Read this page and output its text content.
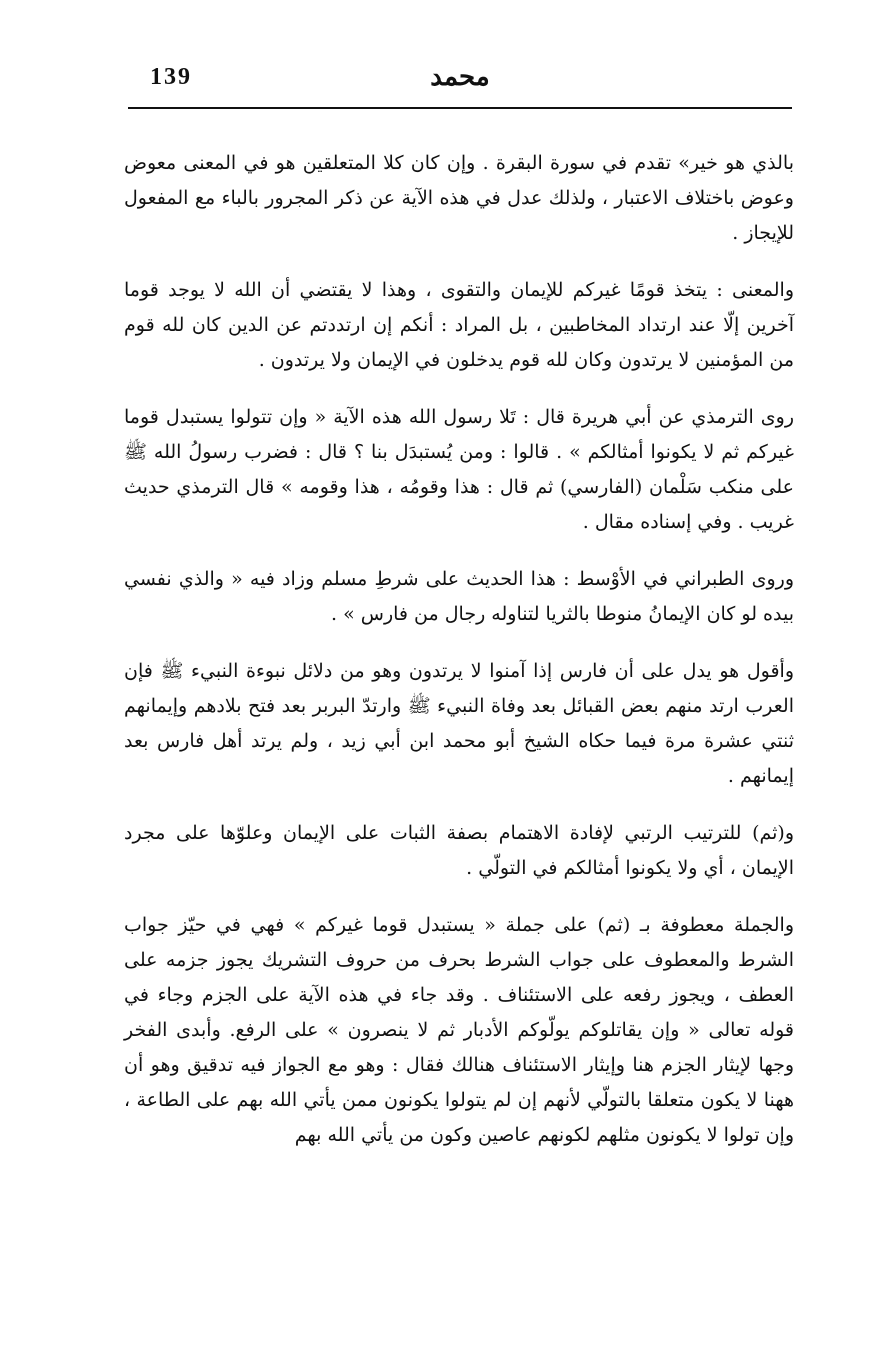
139	محمد

بالذي هو خير» تقدم في سورة البقرة . وإن كان كلا المتعلقين هو في المعنى معوض وعوض باختلاف الاعتبار ، ولذلك عدل في هذه الآية عن ذكر المجرور بالباء مع المفعول للإيجاز .

والمعنى : يتخذ قومًا غيركم للإيمان والتقوى ، وهذا لا يقتضي أن الله لا يوجد قوما آخرين إلّا عند ارتداد المخاطبين ، بل المراد : أنكم إن ارتددتم عن الدين كان لله قوم من المؤمنين لا يرتدون وكان لله قوم يدخلون في الإيمان ولا يرتدون .

روى الترمذي عن أبي هريرة قال : تَلا رسول الله هذه الآية « وإن تتولوا يستبدل قوما غيركم ثم لا يكونوا أمثالكم » . قالوا : ومن يُستبدَل بنا ؟ قال : فضرب رسولُ الله ﷺ على منكب سَلْمان (الفارسي) ثم قال : هذا وقومُه ، هذا وقومه » قال الترمذي حديث غريب . وفي إسناده مقال .

وروى الطبراني في الأوْسط : هذا الحديث على شرطِ مسلم وزاد فيه « والذي نفسي بيده لو كان الإيمانُ منوطا بالثريا لتناوله رجال من فارس » .

وأقول هو يدل على أن فارس إذا آمنوا لا يرتدون وهو من دلائل نبوءة النبيء ﷺ فإن العرب ارتد منهم بعض القبائل بعد وفاة النبيء ﷺ وارتدّ البربر بعد فتح بلادهم وإيمانهم ثنتي عشرة مرة فيما حكاه الشيخ أبو محمد ابن أبي زيد ، ولم يرتد أهل فارس بعد إيمانهم .

و(ثم) للترتيب الرتبي لإفادة الاهتمام بصفة الثبات على الإيمان وعلوّها على مجرد الإيمان ، أي ولا يكونوا أمثالكم في التولّي .

والجملة معطوفة بـ (ثم) على جملة « يستبدل قوما غيركم » فهي في حيّز جواب الشرط والمعطوف على جواب الشرط بحرف من حروف التشريك يجوز جزمه على العطف ، ويجوز رفعه على الاستئناف . وقد جاء في هذه الآية على الجزم وجاء في قوله تعالى « وإن يقاتلوكم يولّوكم الأدبار ثم لا ينصرون » على الرفع. وأبدى الفخر وجها لإيثار الجزم هنا وإيثار الاستئناف هنالك فقال : وهو مع الجواز فيه تدقيق وهو أن ههنا لا يكون متعلقا بالتولّي لأنهم إن لم يتولوا يكونون ممن يأتي الله بهم على الطاعة ، وإن تولوا لا يكونون مثلهم لكونهم عاصين وكون من يأتي الله بهم
